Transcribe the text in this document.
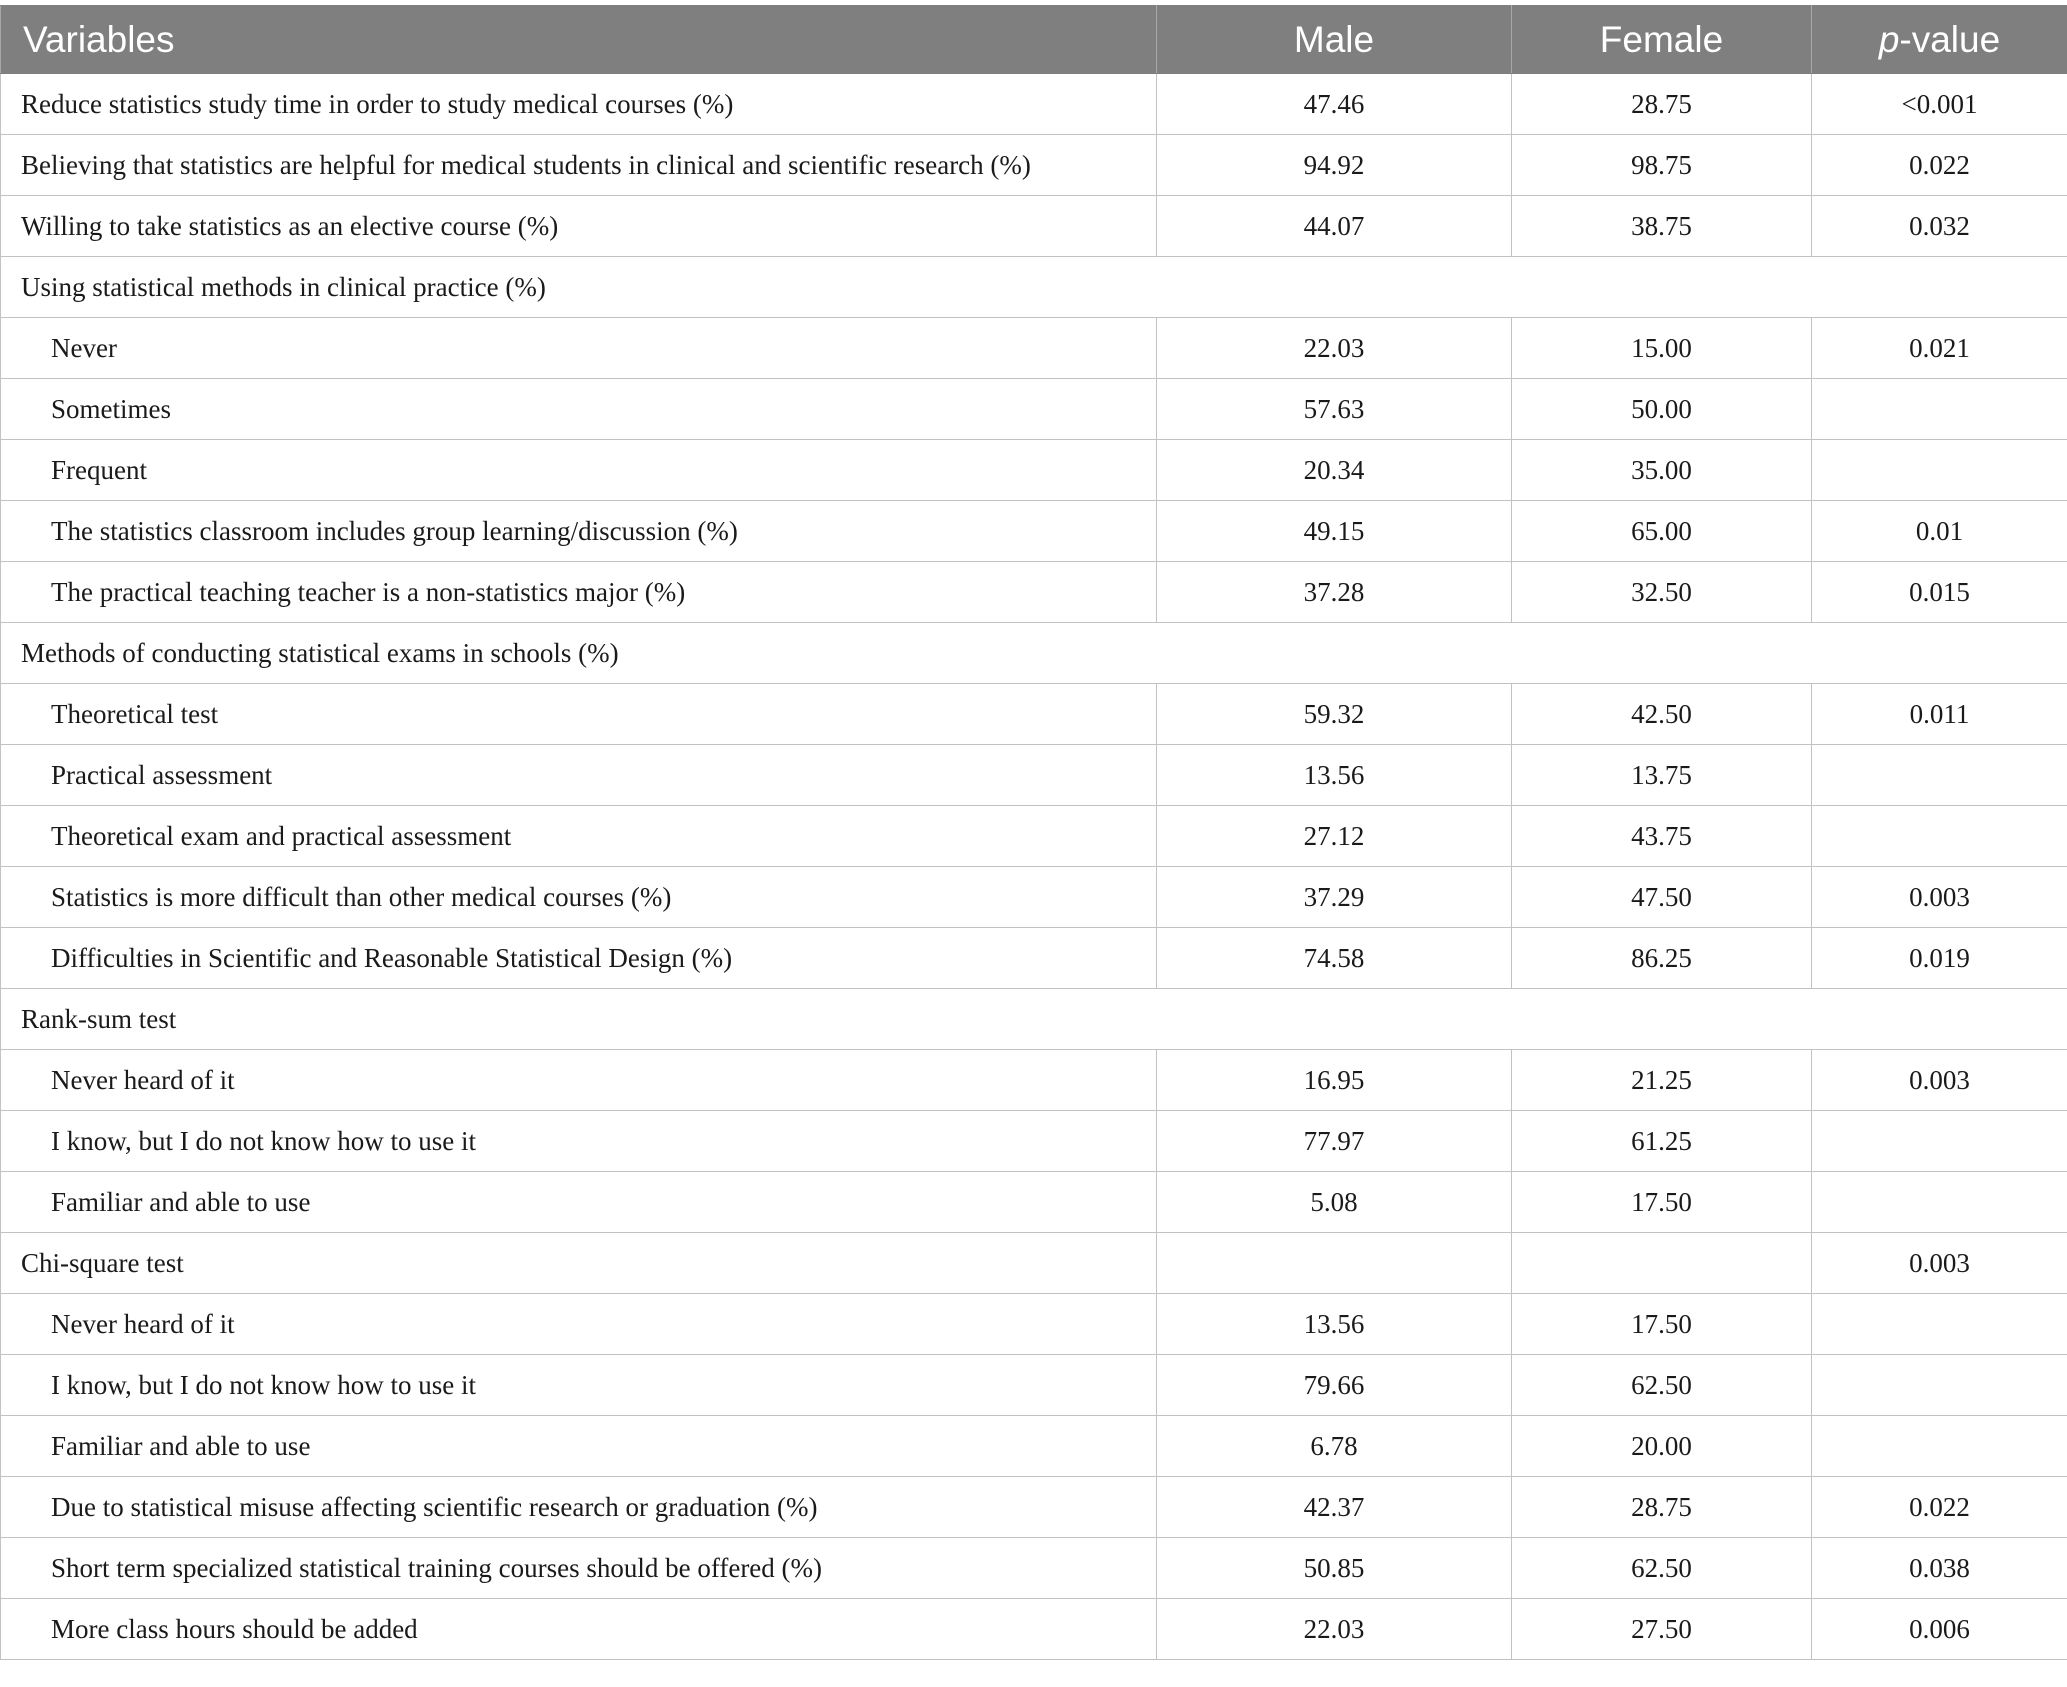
Variables	Male	Female	p-value
Reduce statistics study time in order to study medical courses (%)	47.46	28.75	<0.001
Believing that statistics are helpful for medical students in clinical and scientific research (%)	94.92	98.75	0.022
Willing to take statistics as an elective course (%)	44.07	38.75	0.032
Using statistical methods in clinical practice (%)			
Never	22.03	15.00	0.021
Sometimes	57.63	50.00	
Frequent	20.34	35.00	
The statistics classroom includes group learning/discussion (%)	49.15	65.00	0.01
The practical teaching teacher is a non-statistics major (%)	37.28	32.50	0.015
Methods of conducting statistical exams in schools (%)			
Theoretical test	59.32	42.50	0.011
Practical assessment	13.56	13.75	
Theoretical exam and practical assessment	27.12	43.75	
Statistics is more difficult than other medical courses (%)	37.29	47.50	0.003
Difficulties in Scientific and Reasonable Statistical Design (%)	74.58	86.25	0.019
Rank-sum test			
Never heard of it	16.95	21.25	0.003
I know, but I do not know how to use it	77.97	61.25	
Familiar and able to use	5.08	17.50	
Chi-square test			0.003
Never heard of it	13.56	17.50	
I know, but I do not know how to use it	79.66	62.50	
Familiar and able to use	6.78	20.00	
Due to statistical misuse affecting scientific research or graduation (%)	42.37	28.75	0.022
Short term specialized statistical training courses should be offered (%)	50.85	62.50	0.038
More class hours should be added	22.03	27.50	0.006
